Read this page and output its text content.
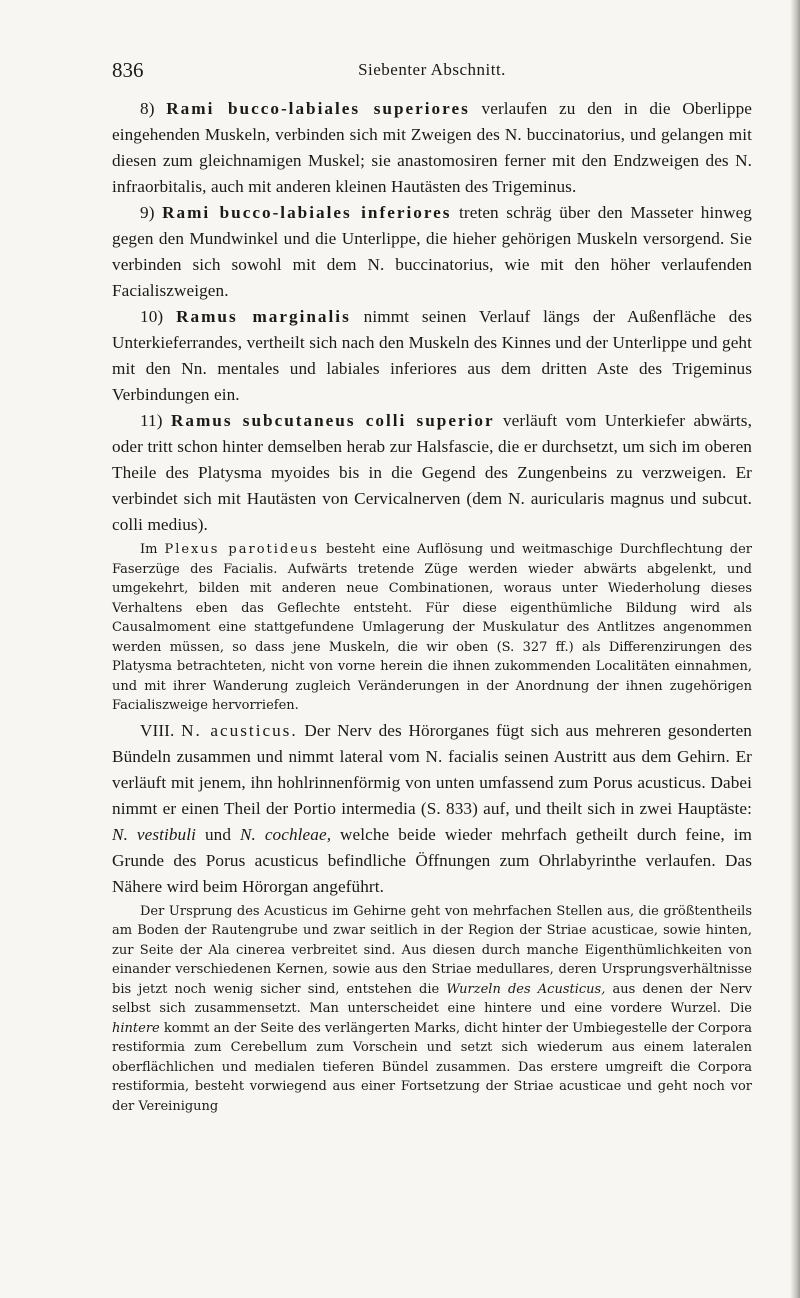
836	Siebenter Abschnitt.

8) Rami bucco-labiales superiores verlaufen zu den in die Oberlippe eingehenden Muskeln, verbinden sich mit Zweigen des N. buccinatorius, und gelangen mit diesen zum gleichnamigen Muskel; sie anastomosiren ferner mit den Endzweigen des N. infraorbitalis, auch mit anderen kleinen Hautästen des Trigeminus.

9) Rami bucco-labiales inferiores treten schräg über den Masseter hinweg gegen den Mundwinkel und die Unterlippe, die hieher gehörigen Muskeln versorgend. Sie verbinden sich sowohl mit dem N. buccinatorius, wie mit den höher verlaufenden Facialiszweigen.

10) Ramus marginalis nimmt seinen Verlauf längs der Außenfläche des Unterkieferrandes, vertheilt sich nach den Muskeln des Kinnes und der Unterlippe und geht mit den Nn. mentales und labiales inferiores aus dem dritten Aste des Trigeminus Verbindungen ein.

11) Ramus subcutaneus colli superior verläuft vom Unterkiefer abwärts, oder tritt schon hinter demselben herab zur Halsfascie, die er durchsetzt, um sich im oberen Theile des Platysma myoides bis in die Gegend des Zungenbeins zu verzweigen. Er verbindet sich mit Hautästen von Cervicalnerven (dem N. auricularis magnus und subcut. colli medius).

Im Plexus parotideus besteht eine Auflösung und weitmaschige Durchflechtung der Faserzüge des Facialis. Aufwärts tretende Züge werden wieder abwärts abgelenkt, und umgekehrt, bilden mit anderen neue Combinationen, woraus unter Wiederholung dieses Verhaltens eben das Geflechte entsteht. Für diese eigenthümliche Bildung wird als Causalmoment eine stattgefundene Umlagerung der Muskulatur des Antlitzes angenommen werden müssen, so dass jene Muskeln, die wir oben (S. 327 ff.) als Differenzirungen des Platysma betrachteten, nicht von vorne herein die ihnen zukommenden Localitäten einnahmen, und mit ihrer Wanderung zugleich Veränderungen in der Anordnung der ihnen zugehörigen Facialiszweige hervorriefen.

VIII. N. acusticus. Der Nerv des Hörorganes fügt sich aus mehreren gesonderten Bündeln zusammen und nimmt lateral vom N. facialis seinen Austritt aus dem Gehirn. Er verläuft mit jenem, ihn hohlrinnenförmig von unten umfassend zum Porus acusticus. Dabei nimmt er einen Theil der Portio intermedia (S. 833) auf, und theilt sich in zwei Hauptäste: N. vestibuli und N. cochleae, welche beide wieder mehrfach getheilt durch feine, im Grunde des Porus acusticus befindliche Öffnungen zum Ohrlabyrinthe verlaufen. Das Nähere wird beim Hörorgan angeführt.

Der Ursprung des Acusticus im Gehirne geht von mehrfachen Stellen aus, die größtentheils am Boden der Rautengrube und zwar seitlich in der Region der Striae acusticae, sowie hinten, zur Seite der Ala cinerea verbreitet sind. Aus diesen durch manche Eigenthümlichkeiten von einander verschiedenen Kernen, sowie aus den Striae medullares, deren Ursprungsverhältnisse bis jetzt noch wenig sicher sind, entstehen die Wurzeln des Acusticus, aus denen der Nerv selbst sich zusammensetzt. Man unterscheidet eine hintere und eine vordere Wurzel. Die hintere kommt an der Seite des verlängerten Marks, dicht hinter der Umbiegestelle der Corpora restiformia zum Cerebellum zum Vorschein und setzt sich wiederum aus einem lateralen oberflächlichen und medialen tieferen Bündel zusammen. Das erstere umgreift die Corpora restiformia, besteht vorwiegend aus einer Fortsetzung der Striae acusticae und geht noch vor der Vereinigung
